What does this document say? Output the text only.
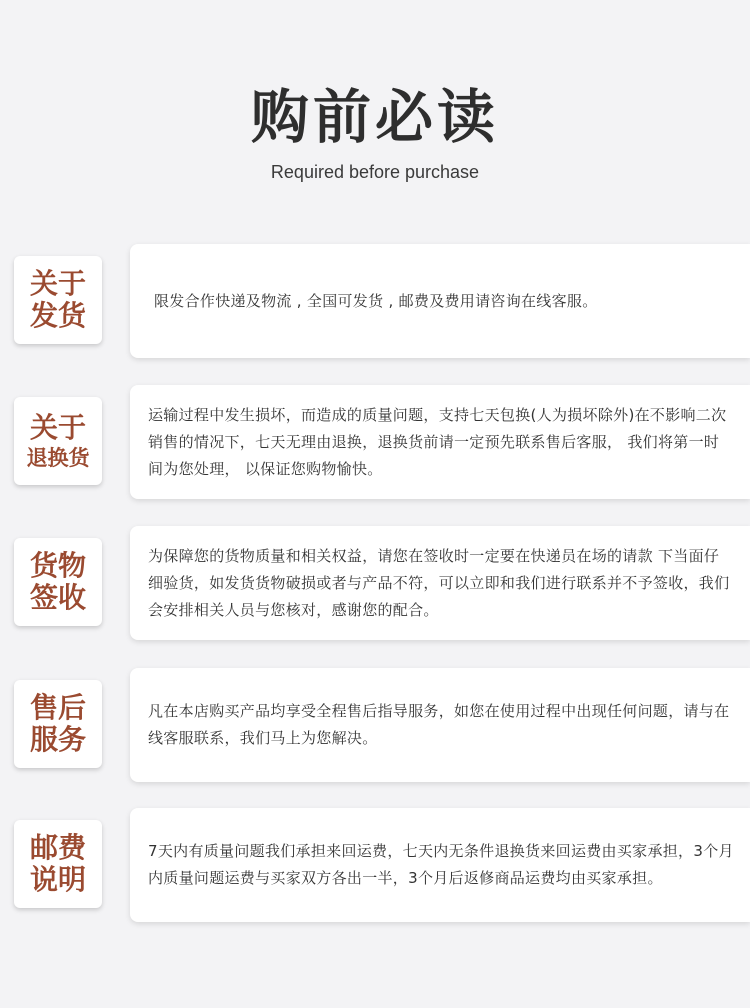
购前必读
Required before purchase
限发合作快递及物流 , 全国可发货 , 邮费及费用请咨询在线客服。
关于
发货
运输过程中发生损坏，而造成的质量问题，支持七天包换(人为损坏除外)在不影响二次销售的情况下，七天无理由退换，退换货前请一定预先联系售后客服， 我们将第一时间为您处理， 以保证您购物愉快。
关于
退换货
为保障您的货物质量和相关权益，请您在签收时一定要在快递员在场的请款 下当面仔细验货，如发货货物破损或者与产品不符，可以立即和我们进行联系并不予签收，我们会安排相关人员与您核对，感谢您的配合。
货物
签收
凡在本店购买产品均享受全程售后指导服务，如您在使用过程中出现任何问题，请与在线客服联系，我们马上为您解决。
售后
服务
7天内有质量问题我们承担来回运费，七天内无条件退换货来回运费由买家承担，3个月内质量问题运费与买家双方各出一半，3个月后返修商品运费均由买家承担。
邮费
说明
